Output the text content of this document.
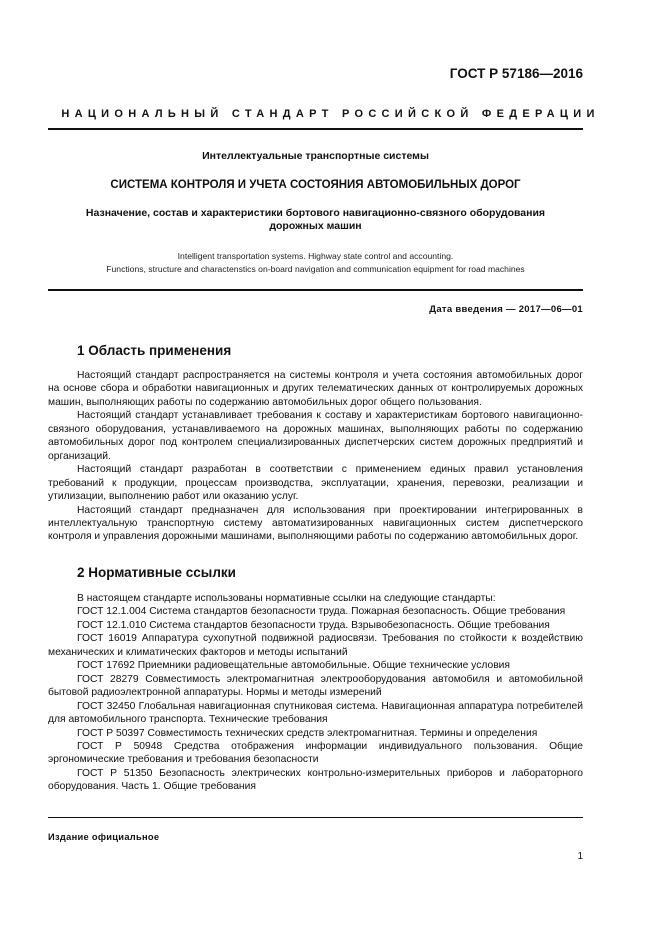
ГОСТ Р 57186—2016
НАЦИОНАЛЬНЫЙ СТАНДАРТ РОССИЙСКОЙ ФЕДЕРАЦИИ
Интеллектуальные транспортные системы
СИСТЕМА КОНТРОЛЯ И УЧЕТА СОСТОЯНИЯ АВТОМОБИЛЬНЫХ ДОРОГ
Назначение, состав и характеристики бортового навигационно-связного оборудования
дорожных машин
Intelligent transportation systems. Highway state control and accounting.
Functions, structure and charactenstics on-board navigation and communication equipment for road machines
Дата введения — 2017—06—01
1 Область применения

Настоящий стандарт распространяется на системы контроля и учета состояния автомобильных дорог на основе сбора и обработки навигационных и других телематических данных от контролируемых дорожных машин, выполняющих работы по содержанию автомобильных дорог общего пользования.

Настоящий стандарт устанавливает требования к составу и характеристикам бортового навигационно-связного оборудования, устанавливаемого на дорожных машинах, выполняющих работы по содержанию автомобильных дорог под контролем специализированных диспетчерских систем дорожных предприятий и организаций.

Настоящий стандарт разработан в соответствии с применением единых правил установления требований к продукции, процессам производства, эксплуатации, хранения, перевозки, реализации и утилизации, выполнению работ или оказанию услуг.

Настоящий стандарт предназначен для использования при проектировании интегрированных в интеллектуальную транспортную систему автоматизированных навигационных систем диспетчерского контроля и управления дорожными машинами, выполняющими работы по содержанию автомобильных дорог.

2 Нормативные ссылки

В настоящем стандарте использованы нормативные ссылки на следующие стандарты:

ГОСТ 12.1.004 Система стандартов безопасности труда. Пожарная безопасность. Общие требования

ГОСТ 12.1.010 Система стандартов безопасности труда. Взрывобезопасность. Общие требования

ГОСТ 16019 Аппаратура сухопутной подвижной радиосвязи. Требования по стойкости к воздействию механических и климатических факторов и методы испытаний

ГОСТ 17692 Приемники радиовещательные автомобильные. Общие технические условия

ГОСТ 28279 Совместимость электромагнитная электрооборудования автомобиля и автомобильной бытовой радиоэлектронной аппаратуры. Нормы и методы измерений

ГОСТ 32450 Глобальная навигационная спутниковая система. Навигационная аппаратура потребителей для автомобильного транспорта. Технические требования

ГОСТ Р 50397 Совместимость технических средств электромагнитная. Термины и определения

ГОСТ Р 50948 Средства отображения информации индивидуального пользования. Общие эргономические требования и требования безопасности

ГОСТ Р 51350 Безопасность электрических контрольно-измерительных приборов и лабораторного оборудования. Часть 1. Общие требования

Издание официальное
1
